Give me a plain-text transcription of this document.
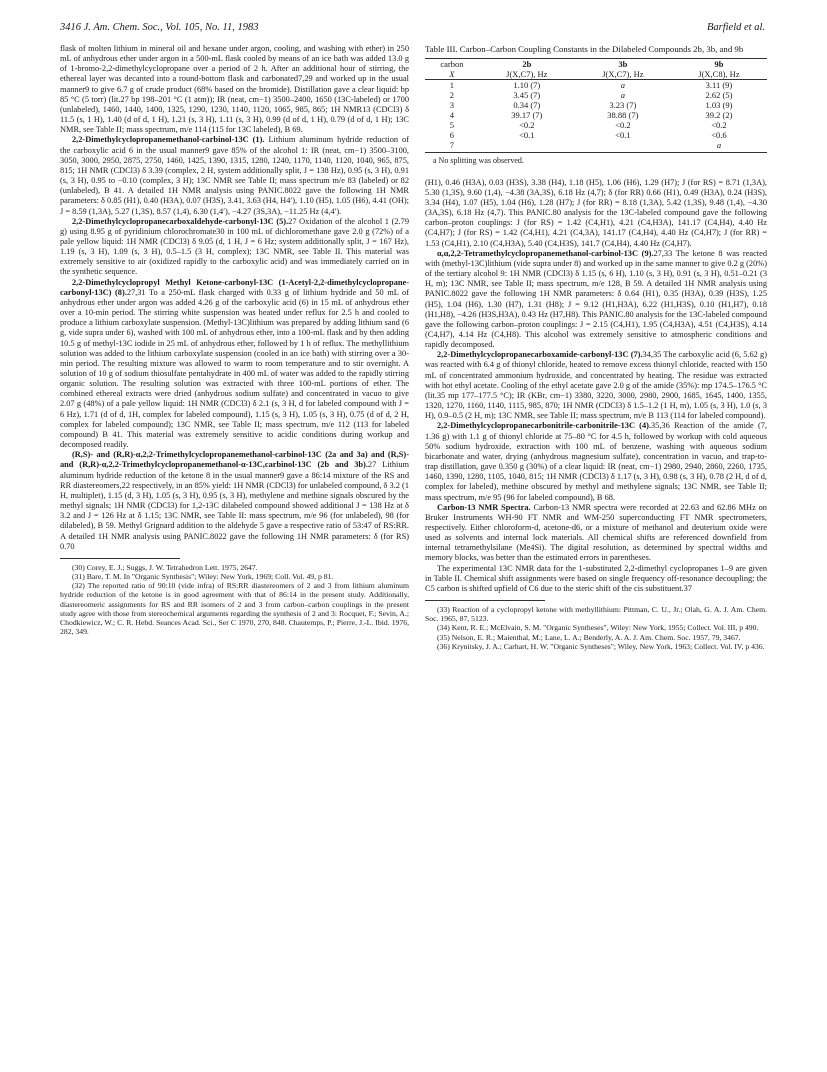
3416 J. Am. Chem. Soc., Vol. 105, No. 11, 1983	Barfield et al.

flask of molten lithium in mineral oil and hexane under argon, cooling, and washing with ether) in 250 mL of anhydrous ether under argon in a 500-mL flask cooled by means of an ice bath was added 13.0 g of 1-bromo-2,2-dimethylcyclopropane over a period of 2 h. After an additional hour of stirring, the ethereal layer was decanted into a round-bottom flask and carbonated7,29 and worked up in the usual manner9 to give 6.7 g of crude product (68% based on the bromide). Distillation gave a clear liquid: bp 85 °C (5 torr) (lit.27 bp 198–201 °C (1 atm)); IR (neat, cm−1) 3500–2400, 1650 (13C-labeled) or 1700 (unlabeled), 1460, 1440, 1400, 1325, 1290, 1230, 1140, 1120, 1065, 985, 865; 1H NMR13 (CDCl3) δ 11.5 (s, 1 H), 1.40 (d of d, 1 H), 1.21 (s, 3 H), 1.11 (s, 3 H), 0.99 (d of d, 1 H), 0.79 (d of d, 1 H); 13C NMR, see Table II; mass spectrum, m/e 114 (115 for 13C labeled), B 69.

2,2-Dimethylcyclopropanemethanol-carbinol-13C (1). Lithium aluminum hydride reduction of the carboxylic acid 6 in the usual manner9 gave 85% of the alcohol 1: IR (neat, cm−1) 3500–3100, 3050, 3000, 2950, 2875, 2750, 1460, 1425, 1390, 1315, 1280, 1240, 1170, 1140, 1120, 1040, 965, 875, 815; 1H NMR (CDCl3) δ 3.39 (complex, 2 H, system additionally split, J = 138 Hz), 0.95 (s, 3 H), 0.91 (s, 3 H), 0.95 to −0.10 (complex, 3 H); 13C NMR see Table II; mass spectrum m/e 83 (labeled) or 82 (unlabeled), B 41. A detailed 1H NMR analysis using PANIC.8022 gave the following 1H NMR parameters: δ 0.85 (H1), 0.40 (H3A), 0.07 (H3S), 3.41, 3.63 (H4, H4′), 1.10 (H5), 1.05 (H6), 4.41 (OH); J = 8.59 (1,3A), 5.27 (1,3S), 8.57 (1,4), 6.30 (1,4′), −4.27 (3S,3A), −11.25 Hz (4,4′).

2,2-Dimethylcyclopropanecarboxaldehyde-carbonyl-13C (5).27 Oxidation of the alcohol 1 (2.79 g) using 8.95 g of pyridinium chlorochromate30 in 100 mL of dichloromethane gave 2.0 g (72%) of a pale yellow liquid: 1H NMR (CDCl3) δ 9.05 (d, 1 H, J = 6 Hz; system additionally split, J = 167 Hz), 1.19 (s, 3 H), 1.09 (s, 3 H), 0.5–1.5 (3 H, complex); 13C NMR, see Table II. This material was extremely sensitive to air (oxidized rapidly to the carboxylic acid) and was immediately carried on in the synthetic sequence.

2,2-Dimethylcyclopropyl Methyl Ketone-carbonyl-13C (1-Acetyl-2,2-dimethylcyclopropane-carbonyl-13C) (8).27,31 To a 250-mL flask charged with 0.33 g of lithium hydride and 50 mL of anhydrous ether under argon was added 4.26 g of the carboxylic acid (6) in 15 mL of anhydrous ether over a 10-min period. The stirring white suspension was heated under reflux for 2.5 h and cooled to produce a lithium carboxylate suspension. (Methyl-13C)lithium was prepared by adding lithium sand (6 g, vide supra under 6), washed with 100 mL of anhydrous ether, into a 100-mL flask and by then adding 10.5 g of methyl-13C iodide in 25 mL of anhydrous ether, followed by 1 h of reflux. The methyllithium solution was added to the lithium carboxylate suspension (cooled in an ice bath) with stirring over a 30-min period. The resulting mixture was allowed to warm to room temperature and to stir overnight. A solution of 10 g of sodium thiosulfate pentahydrate in 400 mL of water was added to the rapidly stirring organic solution. The resulting solution was extracted with three 100-mL portions of ether. The combined ethereal extracts were dried (anhydrous sodium sulfate) and concentrated in vacuo to give 2.07 g (48%) of a pale yellow liquid: 1H NMR (CDCl3) δ 2.1 (s, 3 H, d for labeled compound with J = 6 Hz), 1.71 (d of d, 1H, complex for labeled compound), 1.15 (s, 3 H), 1.05 (s, 3 H), 0.75 (d of d, 2 H, complex for labeled compound); 13C NMR, see Table II; mass spectrum, m/e 112 (113 for labeled compound) B 41. This material was extremely sensitive to acidic conditions during workup and decomposed readily.

(R,S)- and (R,R)-α,2,2-Trimethylcyclopropanemethanol-carbinol-13C (2a and 3a) and (R,S)- and (R,R)-α,2,2-Trimethylcyclopropanemethanol-α-13C,carbinol-13C (2b and 3b).27 Lithium aluminum hydride reduction of the ketone 8 in the usual manner9 gave a 86:14 mixture of the RS and RR diastereomers,22 respectively, in an 85% yield: 1H NMR (CDCl3) for unlabeled compound, δ 3.2 (1 H, multiplet), 1.15 (d, 3 H), 1.05 (s, 3 H), 0.95 (s, 3 H), methylene and methine signals obscured by the methyl signals; 1H NMR (CDCl3) for 1,2-13C dilabeled compound showed additional J = 138 Hz at δ 3.2 and J = 126 Hz at δ 1.15; 13C NMR, see Table II: mass spectrum, m/e 96 (for unlabeled), 98 (for dilabeled), B 59. Methyl Grignard addition to the aldehyde 5 gave a respective ratio of 53:47 of RS:RR. A detailed 1H NMR analysis using PANIC.8022 gave the following 1H NMR parameters: δ (for RS) 0.70

(30) Corey, E. J.; Suggs, J. W. Tetrahedron Lett. 1975, 2647.

(31) Bare, T. M. In "Organic Synthesis"; Wiley: New York, 1969; Coll. Vol. 49, p 81.

(32) The reported ratio of 90:10 (vide infra) of RS:RR diastereomers of 2 and 3 from lithium aluminum hydride reduction of the ketone is in good agreement with that of 86:14 in the present study. Additionally, diastereomeric assignments for RS and RR isomers of 2 and 3 from carbon–carbon couplings in the present study agree with those from stereochemical arguments regarding the synthesis of 2 and 3: Rocquet, F.; Sevin, A.; Chodkiewicz, W.; C. R. Hebd. Seances Acad. Sci., Ser C 1970, 270, 848. Chautemps, P.; Pierre, J.-L. Ibid. 1976, 282, 349.

Table III. Carbon–Carbon Coupling Constants in the Dilabeled Compounds 2b, 3b, and 9b
carbon	2b	3b	9b
X	J(X,C7), Hz	J(X,C7), Hz	J(X,C8), Hz
1	1.10 (7)	a	3.11 (9)
2	3.45 (7)	a	2.62 (5)
3	0.34 (7)	3.23 (7)	1.03 (9)
4	39.17 (7)	38.88 (7)	39.2 (2)
5	<0.2	<0.2	<0.2
6	<0.1	<0.1	<0.6
7			a
a No splitting was observed.

(H1), 0.46 (H3A), 0.03 (H3S), 3.38 (H4), 1.18 (H5), 1.06 (H6), 1.29 (H7); J (for RS) = 8.71 (1,3A), 5.30 (1,3S), 9.60 (1,4), −4.38 (3A,3S), 6.18 Hz (4,7); δ (for RR) 0.66 (H1), 0.49 (H3A), 0.24 (H3S), 3.34 (H4), 1.07 (H5), 1.04 (H6), 1.28 (H7); J (for RR) = 8.18 (1,3A), 5.42 (1,3S), 9.48 (1,4), −4.30 (3A,3S), 6.18 Hz (4,7). This PANIC.80 analysis for the 13C-labeled compound gave the following carbon–proton couplings: J (for RS) = 1.42 (C4,H1), 4.21 (C4,H3A), 141.17 (C4,H4), 4.40 Hz (C4,H7); J (for RS) = 1.42 (C4,H1), 4.21 (C4,3A), 141.17 (C4,H4), 4.40 Hz (C4,H7); J (for RR) = 1.53 (C4,H1), 2.10 (C4,H3A), 5.40 (C4,H3S), 141.7 (C4,H4), 4.40 Hz (C4,H7).

α,α,2,2-Tetramethylcyclopropanemethanol-carbinol-13C (9).27,33 The ketone 8 was reacted with (methyl-13C)lithium (vide supra under 8) and worked up in the same manner to give 0.2 g (20%) of the tertiary alcohol 9: 1H NMR (CDCl3) δ 1.15 (s, 6 H), 1.10 (s, 3 H), 0.91 (s, 3 H), 0.51–0.21 (3 H, m); 13C NMR, see Table II; mass spectrum, m/e 128, B 59. A detailed 1H NMR analysis using PANIC.8022 gave the following 1H NMR parameters: δ 0.64 (H1), 0.35 (H3A), 0.39 (H3S), 1.25 (H5), 1.04 (H6), 1.30 (H7), 1.31 (H8); J = 9.12 (H1,H3A), 6.22 (H1,H3S), 0.10 (H1,H7), 0.18 (H1,H8), −4.26 (H3S,H3A), 0.43 Hz (H7,H8). This PANIC.80 analysis for the 13C-labeled compound gave the following carbon–proton couplings: J = 2.15 (C4,H1), 1.95 (C4,H3A), 4.51 (C4,H3S), 4.14 (C4,H7), 4.14 Hz (C4,H8). This alcohol was extremely sensitive to atmospheric conditions and rapidly decomposed.

2,2-Dimethylcyclopropanecarboxamide-carbonyl-13C (7).34,35 The carboxylic acid (6, 5.62 g) was reacted with 6.4 g of thionyl chloride, heated to remove excess thionyl chloride, reacted with 150 mL of concentrated ammonium hydroxide, and concentrated by heating. The residue was extracted with hot ethyl acetate. Cooling of the ethyl acetate gave 2.0 g of the amide (35%): mp 174.5–176.5 °C (lit.35 mp 177–177.5 °C); IR (KBr, cm−1) 3380, 3220, 3000, 2980, 2900, 1685, 1645, 1400, 1355, 1320, 1270, 1160, 1140, 1115, 985, 870; 1H NMR (CDCl3) δ 1.5–1.2 (1 H, m), 1.05 (s, 3 H), 1.0 (s, 3 H), 0.9–0.5 (2 H, m); 13C NMR, see Table II; mass spectrum, m/e B 113 (114 for labeled compound).

2,2-Dimethylcyclopropanecarbonitrile-carbonitrile-13C (4).35,36 Reaction of the amide (7, 1.36 g) with 1.1 g of thionyl chloride at 75–80 °C for 4.5 h, followed by workup with cold aqueous 50% sodium hydroxide, extraction with 100 mL of benzene, washing with aqueous sodium bicarbonate and water, drying (anhydrous magnesium sulfate), concentration in vacuo, and trap-to-trap distillation, gave 0.350 g (30%) of a clear liquid: IR (neat, cm−1) 2980, 2940, 2860, 2260, 1735, 1460, 1390, 1280, 1105, 1040, 815; 1H NMR (CDCl3) δ 1.17 (s, 3 H), 0.98 (s, 3 H), 0.78 (2 H, d of d, complex for labeled), methine obscured by methyl and methylene signals; 13C NMR, see Table II; mass spectrum, m/e 95 (96 for labeled compound), B 68.

Carbon-13 NMR Spectra. Carbon-13 NMR spectra were recorded at 22.63 and 62.86 MHz on Bruker Instruments WH-90 FT NMR and WM-250 superconducting FT NMR spectrometers, respectively. Either chloroform-d, acetone-d6, or a mixture of methanol and deuterium oxide were used as solvents and internal lock materials. All chemical shifts are referenced downfield from internal tetramethylsilane (Me4Si). The digital resolution, as determined by spectral widths and memory blocks, was better than the estimated errors in parentheses.

The experimental 13C NMR data for the 1-substituted 2,2-dimethyl cyclopropanes 1–9 are given in Table II. Chemical shift assignments were based on single frequency off-resonance decoupling; the C5 carbon is shifted upfield of C6 due to the steric shift of the cis substituent.37

(33) Reaction of a cyclopropyl ketone with methyllithium: Pittman, C. U., Jr.; Olah, G. A. J. Am. Chem. Soc. 1965, 87, 5123.

(34) Kent, R. E.; McElvain, S. M. "Organic Syntheses", Wiley: New York, 1955; Collect. Vol. III, p 490.

(35) Nelson, E. R.; Maienthal, M.; Lane, L. A.; Benderly, A. A. J. Am. Chem. Soc. 1957, 79, 3467.

(36) Krynitsky, J. A.; Carhart, H. W. "Organic Syntheses"; Wiley, New York, 1963; Collect. Vol. IV, p 436.
